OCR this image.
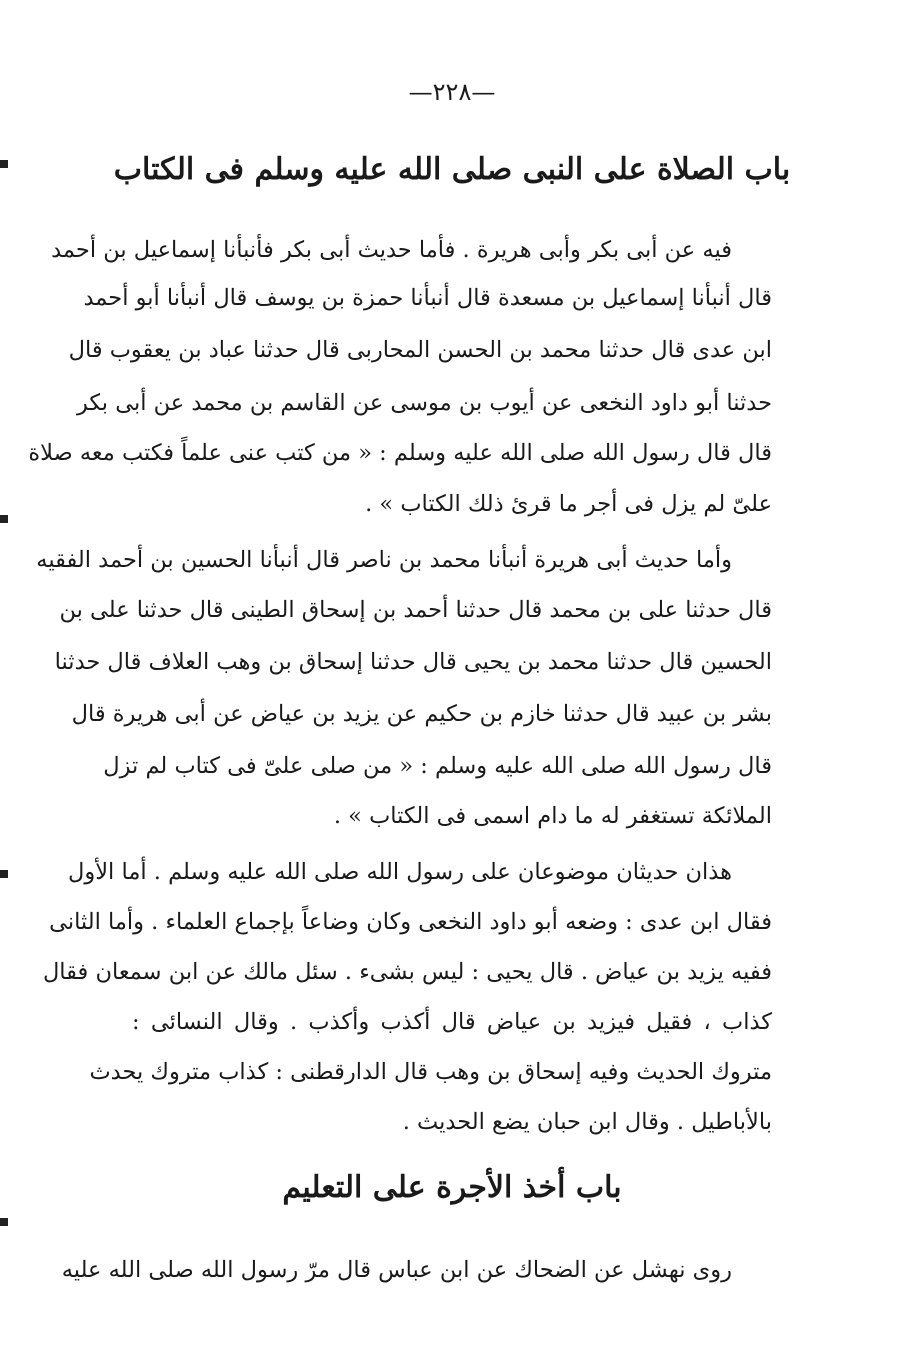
—٢٢٨—
باب الصلاة على النبى صلى الله عليه وسلم فى الكتاب
فيه عن أبى بكر وأبى هريرة . فأما حديث أبى بكر فأنبأنا إسماعيل بن أحمد
قال أنبأنا إسماعيل بن مسعدة قال أنبأنا حمزة بن يوسف قال أنبأنا أبو أحمد
ابن عدى قال حدثنا محمد بن الحسن المحاربى قال حدثنا عباد بن يعقوب قال
حدثنا أبو داود النخعى عن أيوب بن موسى عن القاسم بن محمد عن أبى بكر
قال قال رسول الله صلى الله عليه وسلم : « من كتب عنى علماً فكتب معه صلاة
علىّ لم يزل فى أجر ما قرئ ذلك الكتاب » .
وأما حديث أبى هريرة أنبأنا محمد بن ناصر قال أنبأنا الحسين بن أحمد الفقيه
قال حدثنا على بن محمد قال حدثنا أحمد بن إسحاق الطينى قال حدثنا على بن
الحسين قال حدثنا محمد بن يحيى قال حدثنا إسحاق بن وهب العلاف قال حدثنا
بشر بن عبيد قال حدثنا خازم بن حكيم عن يزيد بن عياض عن أبى هريرة قال
قال رسول الله صلى الله عليه وسلم : « من صلى علىّ فى كتاب لم تزل
الملائكة تستغفر له ما دام اسمى فى الكتاب » .
هذان حديثان موضوعان على رسول الله صلى الله عليه وسلم . أما الأول
فقال ابن عدى : وضعه أبو داود النخعى وكان وضاعاً بإجماع العلماء . وأما الثانى
ففيه يزيد بن عياض . قال يحيى : ليس بشىء . سئل مالك عن ابن سمعان فقال
كذاب ، فقيل فيزيد بن عياض قال أكذب وأكذب . وقال النسائى :
متروك الحديث وفيه إسحاق بن وهب قال الدارقطنى : كذاب متروك يحدث
بالأباطيل . وقال ابن حبان يضع الحديث .
باب أخذ الأجرة على التعليم
روى نهشل عن الضحاك عن ابن عباس قال مرّ رسول الله صلى الله عليه
